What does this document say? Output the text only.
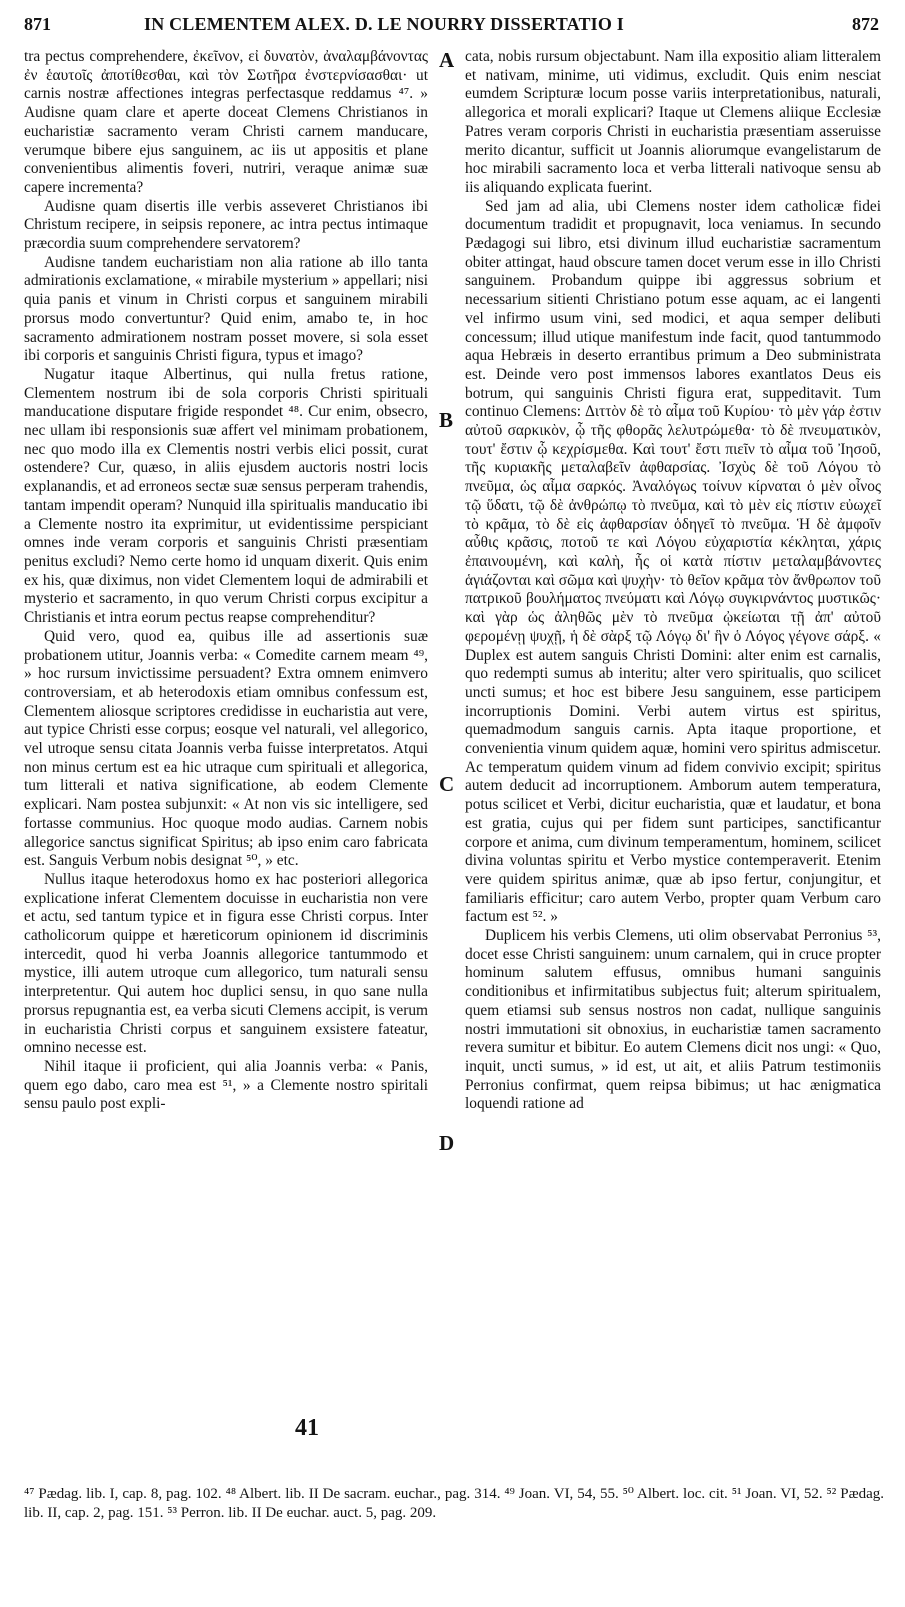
871	IN CLEMENTEM ALEX. D. LE NOURRY DISSERTATIO I	872

tra pectus comprehendere, ἐκεῖνον, εἰ δυνατὸν, ἀναλαμβάνοντας ἐν ἑαυτοῖς ἀποτίθεσθαι, καὶ τὸν Σωτῆρα ἐνστερνίσασθαι· ut carnis nostræ affectiones integras perfectasque reddamus ⁴⁷. » Audisne quam clare et aperte doceat Clemens Christianos in eucharistiæ sacramento veram Christi carnem manducare, verumque bibere ejus sanguinem, ac iis ut appositis et plane convenientibus alimentis foveri, nutriri, veraque animæ suæ capere incrementa?

Audisne quam disertis ille verbis asseveret Christianos ibi Christum recipere, in seipsis reponere, ac intra pectus intimaque præcordia suum comprehendere servatorem?

Audisne tandem eucharistiam non alia ratione ab illo tanta admirationis exclamatione, « mirabile mysterium » appellari; nisi quia panis et vinum in Christi corpus et sanguinem mirabili prorsus modo convertuntur? Quid enim, amabo te, in hoc sacramento admirationem nostram posset movere, si sola esset ibi corporis et sanguinis Christi figura, typus et imago?

Nugatur itaque Albertinus, qui nulla fretus ratione, Clementem nostrum ibi de sola corporis Christi spirituali manducatione disputare frigide respondet ⁴⁸. Cur enim, obsecro, nec ullam ibi responsionis suæ affert vel minimam probationem, nec quo modo illa ex Clementis nostri verbis elici possit, curat ostendere? Cur, quæso, in aliis ejusdem auctoris nostri locis explanandis, et ad erroneos sectæ suæ sensus perperam trahendis, tantam impendit operam? Nunquid illa spiritualis manducatio ibi a Clemente nostro ita exprimitur, ut evidentissime perspiciant omnes inde veram corporis et sanguinis Christi præsentiam penitus excludi? Nemo certe homo id unquam dixerit. Quis enim ex his, quæ diximus, non videt Clementem loqui de admirabili et mysterio et sacramento, in quo verum Christi corpus excipitur a Christianis et intra eorum pectus reapse comprehenditur?

Quid vero, quod ea, quibus ille ad assertionis suæ probationem utitur, Joannis verba: « Comedite carnem meam ⁴⁹, » hoc rursum invictissime persuadent? Extra omnem enimvero controversiam, et ab heterodoxis etiam omnibus confessum est, Clementem aliosque scriptores credidisse in eucharistia aut vere, aut typice Christi esse corpus; eosque vel naturali, vel allegorico, vel utroque sensu citata Joannis verba fuisse interpretatos. Atqui non minus certum est ea hic utraque cum spirituali et allegorica, tum litterali et nativa significatione, ab eodem Clemente explicari. Nam postea subjunxit: « At non vis sic intelligere, sed fortasse communius. Hoc quoque modo audias. Carnem nobis allegorice sanctus significat Spiritus; ab ipso enim caro fabricata est. Sanguis Verbum nobis designat ⁵⁰, » etc.

Nullus itaque heterodoxus homo ex hac posteriori allegorica explicatione inferat Clementem docuisse in eucharistia non vere et actu, sed tantum typice et in figura esse Christi corpus. Inter catholicorum quippe et hæreticorum opinionem id discriminis intercedit, quod hi verba Joannis allegorice tantummodo et mystice, illi autem utroque cum allegorico, tum naturali sensu interpretentur. Qui autem hoc duplici sensu, in quo sane nulla prorsus repugnantia est, ea verba sicuti Clemens accipit, is verum in eucharistia Christi corpus et sanguinem exsistere fateatur, omnino necesse est.

Nihil itaque ii proficient, qui alia Joannis verba: « Panis, quem ego dabo, caro mea est ⁵¹, » a Clemente nostro spiritali sensu paulo post expli-

cata, nobis rursum objectabunt. Nam illa expositio aliam litteralem et nativam, minime, uti vidimus, excludit. Quis enim nesciat eumdem Scripturæ locum posse variis interpretationibus, naturali, allegorica et morali explicari? Itaque ut Clemens aliique Ecclesiæ Patres veram corporis Christi in eucharistia præsentiam asseruisse merito dicantur, sufficit ut Joannis aliorumque evangelistarum de hoc mirabili sacramento loca et verba litterali nativoque sensu ab iis aliquando explicata fuerint.

Sed jam ad alia, ubi Clemens noster idem catholicæ fidei documentum tradidit et propugnavit, loca veniamus. In secundo Pædagogi sui libro, etsi divinum illud eucharistiæ sacramentum obiter attingat, haud obscure tamen docet verum esse in illo Christi sanguinem. Probandum quippe ibi aggressus sobrium et necessarium sitienti Christiano potum esse aquam, ac ei langenti vel infirmo usum vini, sed modici, et aqua semper delibuti concessum; illud utique manifestum inde facit, quod tantummodo aqua Hebræis in deserto errantibus primum a Deo subministrata est. Deinde vero post immensos labores exantlatos Deus eis botrum, qui sanguinis Christi figura erat, suppeditavit. Tum continuo Clemens: Διττὸν δὲ τὸ αἷμα τοῦ Κυρίου· τὸ μὲν γάρ ἐστιν αὐτοῦ σαρκικὸν, ᾧ τῆς φθορᾶς λελυτρώμεθα· τὸ δὲ πνευματικὸν, τουτ' ἔστιν ᾧ κεχρίσμεθα. Καὶ τουτ' ἔστι πιεῖν τὸ αἷμα τοῦ Ἰησοῦ, τῆς κυριακῆς μεταλαβεῖν ἀφθαρσίας. Ἰσχὺς δὲ τοῦ Λόγου τὸ πνεῦμα, ὡς αἷμα σαρκός. Ἀναλόγως τοίνυν κίρναται ὁ μὲν οἶνος τῷ ὕδατι, τῷ δὲ ἀνθρώπῳ τὸ πνεῦμα, καὶ τὸ μὲν εἰς πίστιν εὐωχεῖ τὸ κρᾶμα, τὸ δὲ εἰς ἀφθαρσίαν ὁδηγεῖ τὸ πνεῦμα. Ἡ δὲ ἀμφοῖν αὖθις κρᾶσις, ποτοῦ τε καὶ Λόγου εὐχαριστία κέκληται, χάρις ἐπαινουμένη, καὶ καλὴ, ἧς οἱ κατὰ πίστιν μεταλαμβάνοντες ἁγιάζονται καὶ σῶμα καὶ ψυχὴν· τὸ θεῖον κρᾶμα τὸν ἄνθρωπον τοῦ πατρικοῦ βουλήματος πνεύματι καὶ Λόγῳ συγκιρνάντος μυστικῶς· καὶ γὰρ ὡς ἀληθῶς μὲν τὸ πνεῦμα ᾠκείωται τῇ ἀπ' αὐτοῦ φερομένῃ ψυχῇ, ἡ δὲ σὰρξ τῷ Λόγῳ δι' ἣν ὁ Λόγος γέγονε σάρξ. « Duplex est autem sanguis Christi Domini: alter enim est carnalis, quo redempti sumus ab interitu; alter vero spiritualis, quo scilicet uncti sumus; et hoc est bibere Jesu sanguinem, esse participem incorruptionis Domini. Verbi autem virtus est spiritus, quemadmodum sanguis carnis. Apta itaque proportione, et convenientia vinum quidem aquæ, homini vero spiritus admiscetur. Ac temperatum quidem vinum ad fidem convivio excipit; spiritus autem deducit ad incorruptionem. Amborum autem temperatura, potus scilicet et Verbi, dicitur eucharistia, quæ et laudatur, et bona est gratia, cujus qui per fidem sunt participes, sanctificantur corpore et anima, cum divinum temperamentum, hominem, scilicet divina voluntas spiritu et Verbo mystice contemperaverit. Etenim vere quidem spiritus animæ, quæ ab ipso fertur, conjungitur, et familiaris efficitur; caro autem Verbo, propter quam Verbum caro factum est ⁵². »

Duplicem his verbis Clemens, uti olim observabat Perronius ⁵³, docet esse Christi sanguinem: unum carnalem, qui in cruce propter hominum salutem effusus, omnibus humani sanguinis conditionibus et infirmitatibus subjectus fuit; alterum spiritualem, quem etiamsi sub sensus nostros non cadat, nullique sanguinis nostri immutationi sit obnoxius, in eucharistiæ tamen sacramento revera sumitur et bibitur. Eo autem Clemens dicit nos ungi: « Quo, inquit, uncti sumus, » id est, ut ait, et aliis Patrum testimoniis Perronius confirmat, quem reipsa bibimus; ut hac ænigmatica loquendi ratione ad

A
B
C
D
41
⁴⁷ Pædag. lib. I, cap. 8, pag. 102. ⁴⁸ Albert. lib. II De sacram. euchar., pag. 314. ⁴⁹ Joan. VI, 54, 55. ⁵⁰ Albert. loc. cit. ⁵¹ Joan. VI, 52. ⁵² Pædag. lib. II, cap. 2, pag. 151. ⁵³ Perron. lib. II De euchar. auct. 5, pag. 209.
